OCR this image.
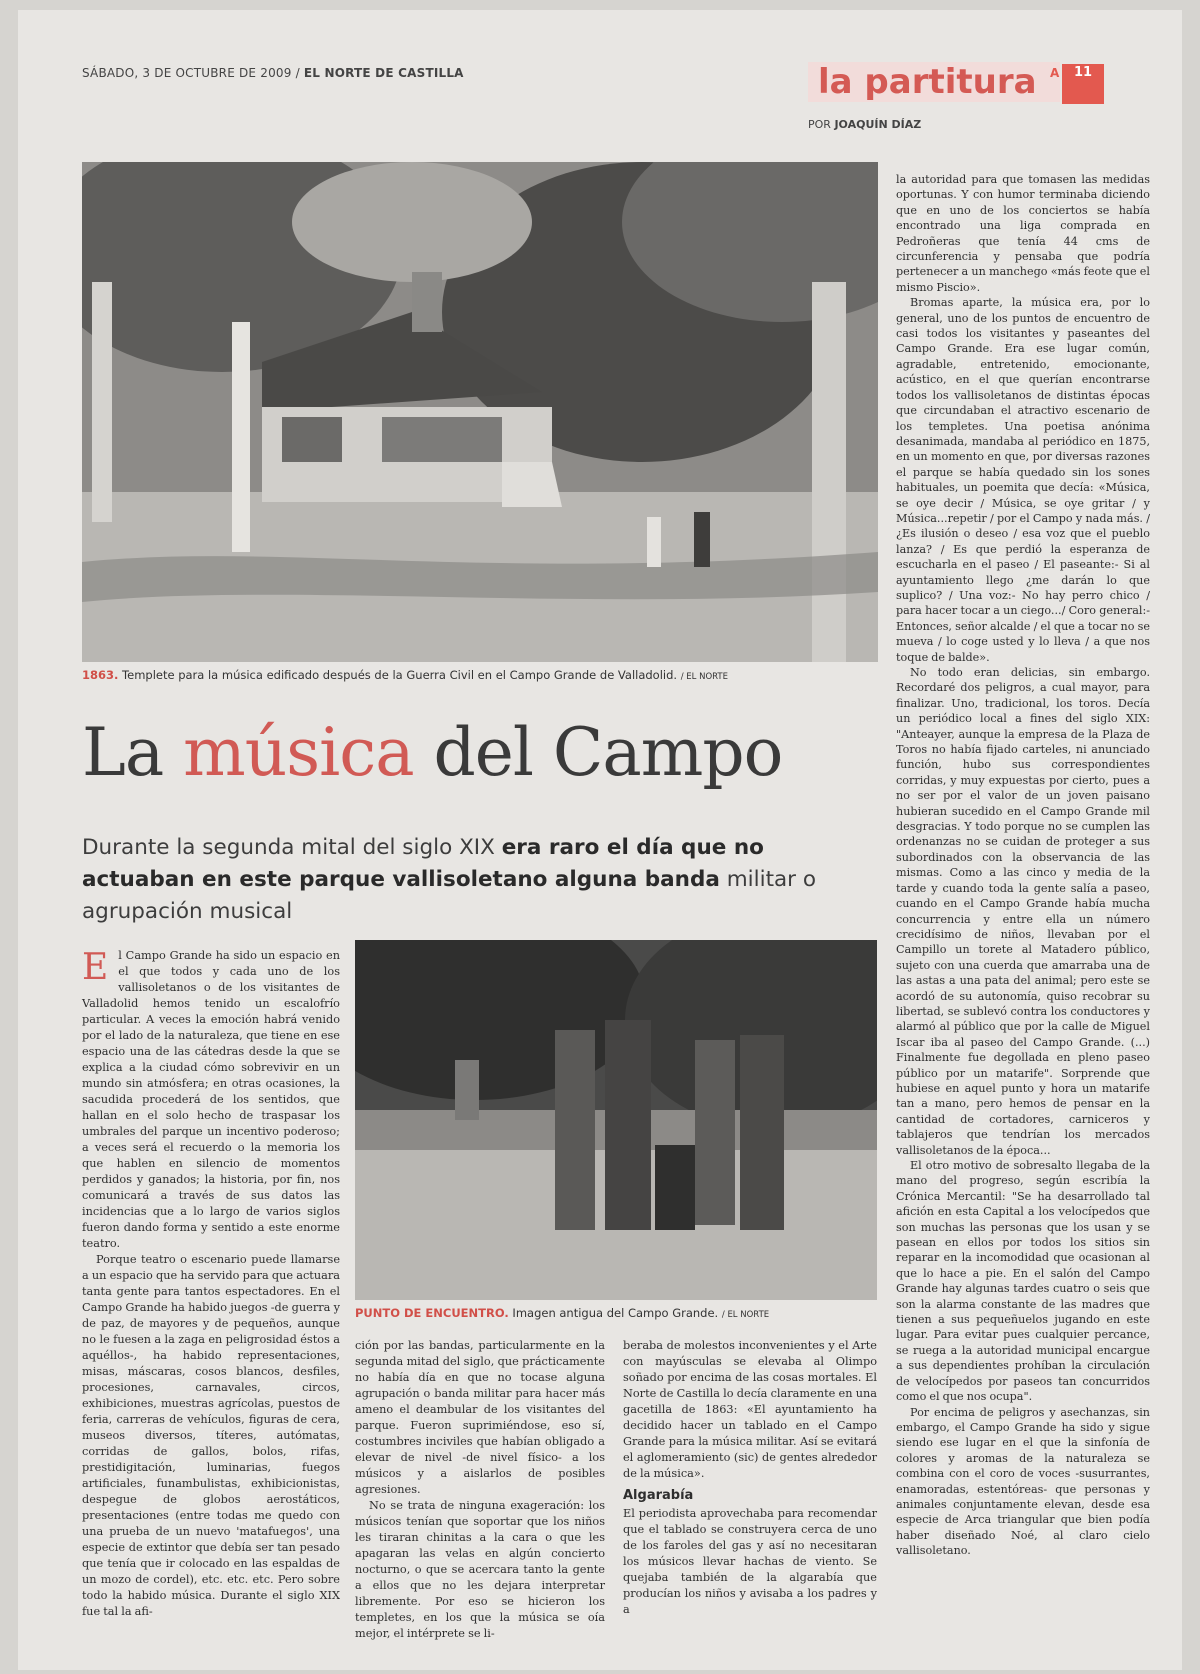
SÁBADO, 3 DE OCTUBRE DE 2009 / EL NORTE DE CASTILLA	la partitura	A 11
POR JOAQUÍN DÍAZ
1863. Templete para la música edificado después de la Guerra Civil en el Campo Grande de Valladolid. / EL NORTE
La música del Campo
Durante la segunda mital del siglo XIX era raro el día que no actuaban en este parque vallisoletano alguna banda militar o agrupación musical
PUNTO DE ENCUENTRO. Imagen antigua del Campo Grande. / EL NORTE

El Campo Grande ha sido un espacio en el que todos y cada uno de los vallisoletanos o de los visitantes de Valladolid hemos tenido un escalofrío particular. A veces la emoción habrá venido por el lado de la naturaleza, que tiene en ese espacio una de las cátedras desde la que se explica a la ciudad cómo sobrevivir en un mundo sin atmósfera; en otras ocasiones, la sacudida procederá de los sentidos, que hallan en el solo hecho de traspasar los umbrales del parque un incentivo poderoso; a veces será el recuerdo o la memoria los que hablen en silencio de momentos perdidos y ganados; la historia, por fin, nos comunicará a través de sus datos las incidencias que a lo largo de varios siglos fueron dando forma y sentido a este enorme teatro.

Porque teatro o escenario puede llamarse a un espacio que ha servido para que actuara tanta gente para tantos espectadores. En el Campo Grande ha habido juegos -de guerra y de paz, de mayores y de pequeños, aunque no le fuesen a la zaga en peligrosidad éstos a aquéllos-, ha habido representaciones, misas, máscaras, cosos blancos, desfiles, procesiones, carnavales, circos, exhibiciones, muestras agrícolas, puestos de feria, carreras de vehículos, figuras de cera, museos diversos, títeres, autómatas, corridas de gallos, bolos, rifas, prestidigitación, luminarias, fuegos artificiales, funambulistas, exhibicionistas, despegue de globos aerostáticos, presentaciones (entre todas me quedo con una prueba de un nuevo 'matafuegos', una especie de extintor que debía ser tan pesado que tenía que ir colocado en las espaldas de un mozo de cordel), etc. etc. etc. Pero sobre todo la habido música. Durante el siglo XIX fue tal la afi-

ción por las bandas, particularmente en la segunda mitad del siglo, que prácticamente no había día en que no tocase alguna agrupación o banda militar para hacer más ameno el deambular de los visitantes del parque. Fueron suprimiéndose, eso sí, costumbres inciviles que habían obligado a elevar de nivel -de nivel físico- a los músicos y a aislarlos de posibles agresiones.

No se trata de ninguna exageración: los músicos tenían que soportar que los niños les tiraran chinitas a la cara o que les apagaran las velas en algún concierto nocturno, o que se acercara tanto la gente a ellos que no les dejara interpretar libremente. Por eso se hicieron los templetes, en los que la música se oía mejor, el intérprete se li-

beraba de molestos inconvenientes y el Arte con mayúsculas se elevaba al Olimpo soñado por encima de las cosas mortales. El Norte de Castilla lo decía claramente en una gacetilla de 1863: «El ayuntamiento ha decidido hacer un tablado en el Campo Grande para la música militar. Así se evitará el aglomeramiento (sic) de gentes alrededor de la música».

Algarabía

El periodista aprovechaba para recomendar que el tablado se construyera cerca de uno de los faroles del gas y así no necesitaran los músicos llevar hachas de viento. Se quejaba también de la algarabía que producían los niños y avisaba a los padres y a

la autoridad para que tomasen las medidas oportunas. Y con humor terminaba diciendo que en uno de los conciertos se había encontrado una liga comprada en Pedroñeras que tenía 44 cms de circunferencia y pensaba que podría pertenecer a un manchego «más feote que el mismo Piscio».

Bromas aparte, la música era, por lo general, uno de los puntos de encuentro de casi todos los visitantes y paseantes del Campo Grande. Era ese lugar común, agradable, entretenido, emocionante, acústico, en el que querían encontrarse todos los vallisoletanos de distintas épocas que circundaban el atractivo escenario de los templetes. Una poetisa anónima desanimada, mandaba al periódico en 1875, en un momento en que, por diversas razones el parque se había quedado sin los sones habituales, un poemita que decía: «Música, se oye decir / Música, se oye gritar / y Música...repetir / por el Campo y nada más. / ¿Es ilusión o deseo / esa voz que el pueblo lanza? / Es que perdió la esperanza de escucharla en el paseo / El paseante:- Si al ayuntamiento llego ¿me darán lo que suplico? / Una voz:- No hay perro chico / para hacer tocar a un ciego.../ Coro general:- Entonces, señor alcalde / el que a tocar no se mueva / lo coge usted y lo lleva / a que nos toque de balde».

No todo eran delicias, sin embargo. Recordaré dos peligros, a cual mayor, para finalizar. Uno, tradicional, los toros. Decía un periódico local a fines del siglo XIX: "Anteayer, aunque la empresa de la Plaza de Toros no había fijado carteles, ni anunciado función, hubo sus correspondientes corridas, y muy expuestas por cierto, pues a no ser por el valor de un joven paisano hubieran sucedido en el Campo Grande mil desgracias. Y todo porque no se cumplen las ordenanzas no se cuidan de proteger a sus subordinados con la observancia de las mismas. Como a las cinco y media de la tarde y cuando toda la gente salía a paseo, cuando en el Campo Grande había mucha concurrencia y entre ella un número crecidísimo de niños, llevaban por el Campillo un torete al Matadero público, sujeto con una cuerda que amarraba una de las astas a una pata del animal; pero este se acordó de su autonomía, quiso recobrar su libertad, se sublevó contra los conductores y alarmó al público que por la calle de Miguel Iscar iba al paseo del Campo Grande. (...) Finalmente fue degollada en pleno paseo público por un matarife". Sorprende que hubiese en aquel punto y hora un matarife tan a mano, pero hemos de pensar en la cantidad de cortadores, carniceros y tablajeros que tendrían los mercados vallisoletanos de la época...

El otro motivo de sobresalto llegaba de la mano del progreso, según escribía la Crónica Mercantil: "Se ha desarrollado tal afición en esta Capital a los velocípedos que son muchas las personas que los usan y se pasean en ellos por todos los sitios sin reparar en la incomodidad que ocasionan al que lo hace a pie. En el salón del Campo Grande hay algunas tardes cuatro o seis que son la alarma constante de las madres que tienen a sus pequeñuelos jugando en este lugar. Para evitar pues cualquier percance, se ruega a la autoridad municipal encargue a sus dependientes prohíban la circulación de velocípedos por paseos tan concurridos como el que nos ocupa".

Por encima de peligros y asechanzas, sin embargo, el Campo Grande ha sido y sigue siendo ese lugar en el que la sinfonía de colores y aromas de la naturaleza se combina con el coro de voces -susurrantes, enamoradas, estentóreas- que personas y animales conjuntamente elevan, desde esa especie de Arca triangular que bien podía haber diseñado Noé, al claro cielo vallisoletano.
